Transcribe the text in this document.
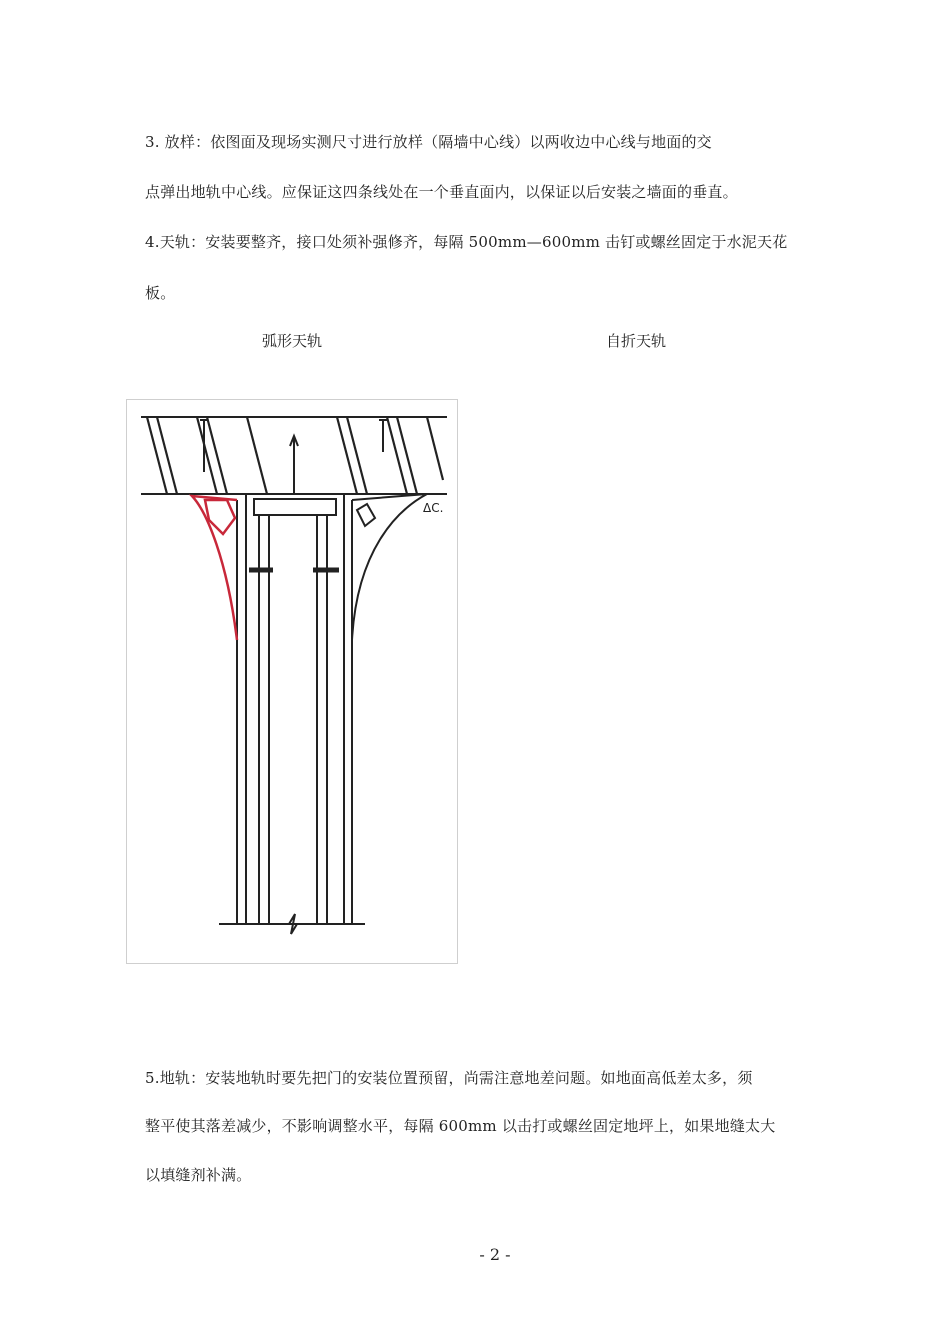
3. 放样：依图面及现场实测尺寸进行放样（隔墙中心线）以两收边中心线与地面的交
点弹出地轨中心线。应保证这四条线处在一个垂直面内，以保证以后安装之墙面的垂直。
4.天轨：安装要整齐，接口处须补强修齐，每隔 500mm—600mm 击钉或螺丝固定于水泥天花
板。
弧形天轨	自折天轨
ΔC.
5.地轨：安装地轨时要先把门的安装位置预留，尚需注意地差问题。如地面高低差太多，须
整平使其落差减少，不影响调整水平，每隔 600mm 以击打或螺丝固定地坪上，如果地缝太大
以填缝剂补满。
- 2 -
